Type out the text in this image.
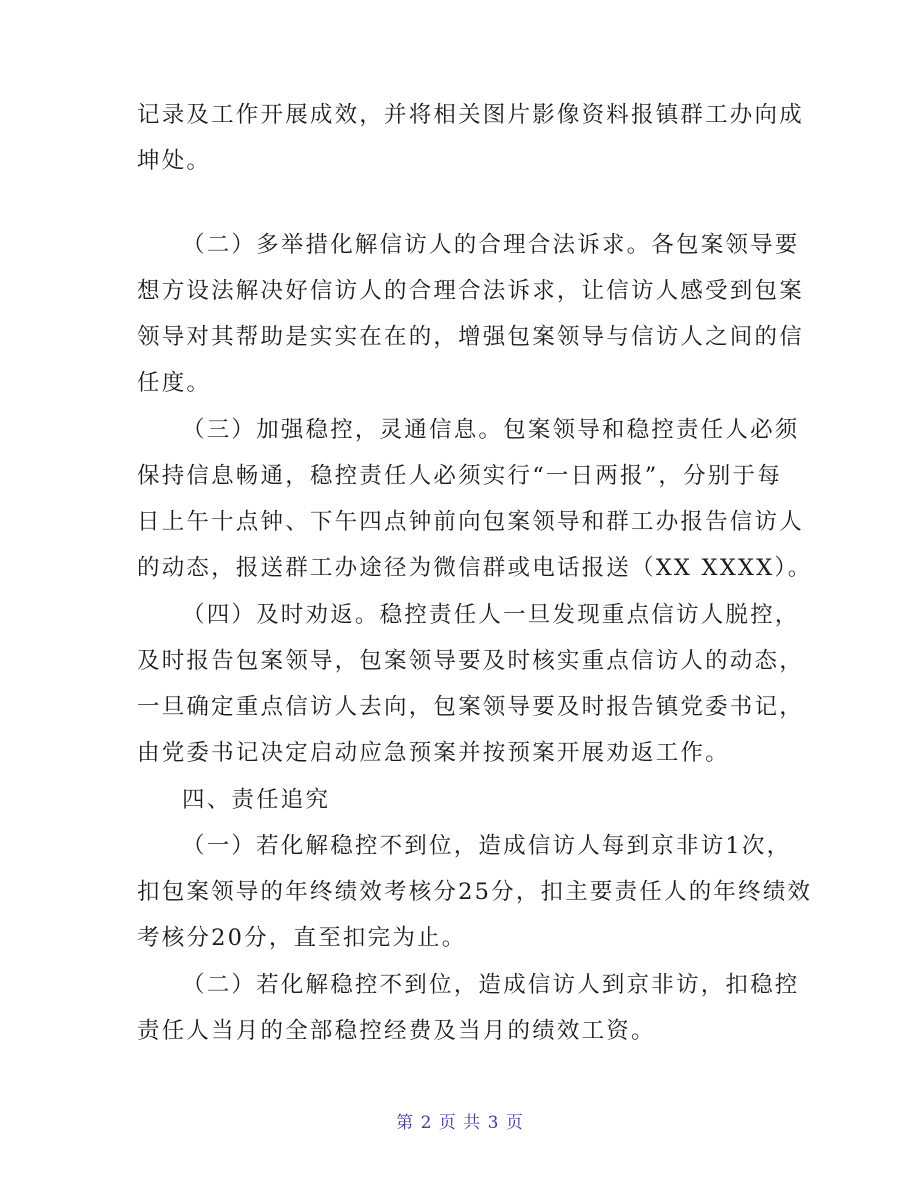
记录及工作开展成效，并将相关图片影像资料报镇群工办向成
坤处。
（二）多举措化解信访人的合理合法诉求。各包案领导要
想方设法解决好信访人的合理合法诉求，让信访人感受到包案
领导对其帮助是实实在在的，增强包案领导与信访人之间的信
任度。
（三）加强稳控，灵通信息。包案领导和稳控责任人必须
保持信息畅通，稳控责任人必须实行“一日两报”，分别于每
日上午十点钟、下午四点钟前向包案领导和群工办报告信访人
的动态，报送群工办途径为微信群或电话报送（XX XXXX）。
（四）及时劝返。稳控责任人一旦发现重点信访人脱控，
及时报告包案领导，包案领导要及时核实重点信访人的动态，
一旦确定重点信访人去向，包案领导要及时报告镇党委书记，
由党委书记决定启动应急预案并按预案开展劝返工作。
四、责任追究
（一）若化解稳控不到位，造成信访人每到京非访1次，
扣包案领导的年终绩效考核分25分，扣主要责任人的年终绩效
考核分20分，直至扣完为止。
（二）若化解稳控不到位，造成信访人到京非访，扣稳控
责任人当月的全部稳控经费及当月的绩效工资。
第 2 页 共 3 页
